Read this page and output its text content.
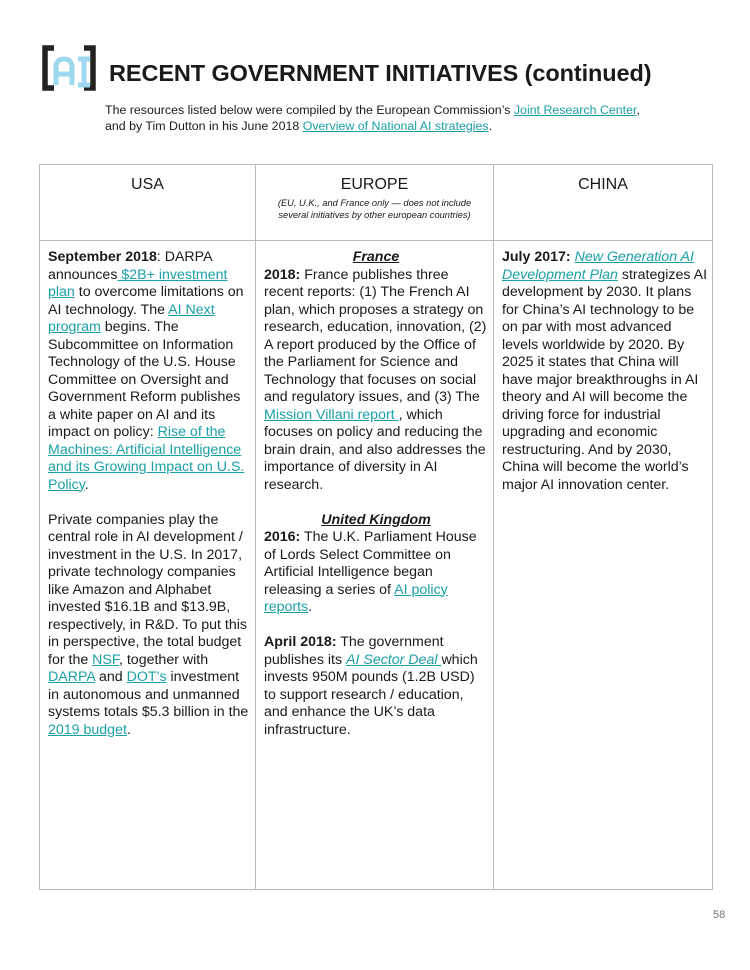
RECENT GOVERNMENT INITIATIVES (continued)

The resources listed below were compiled by the European Commission’s Joint Research Center,
and by Tim Dutton in his June 2018 Overview of National AI strategies.

USA	EUROPE
(EU, U.K., and France only — does not include
several initiatives by other european countries)
CHINA

September 2018: DARPA announces $2B+ investment plan to overcome limitations on AI technology. The AI Next program begins. The Subcommittee on Information Technology of the U.S. House Committee on Oversight and Government Reform publishes a white paper on AI and its impact on policy: Rise of the Machines: Artificial Intelligence and its Growing Impact on U.S. Policy.

Private companies play the central role in AI development / investment in the U.S. In 2017, private technology companies like Amazon and Alphabet invested $16.1B and $13.9B, respectively, in R&D. To put this in perspective, the total budget for the NSF, together with DARPA and DOT’s investment in autonomous and unmanned systems totals $5.3 billion in the 2019 budget.

France

2018: France publishes three recent reports: (1) The French AI plan, which proposes a strategy on research, education, innovation, (2) A report produced by the Office of the Parliament for Science and Technology that focuses on social and regulatory issues, and (3) The Mission Villani report , which focuses on policy and reducing the brain drain, and also addresses the importance of diversity in AI research.

United Kingdom

2016: The U.K. Parliament House of Lords Select Committee on Artificial Intelligence began releasing a series of AI policy reports.

April 2018: The government publishes its AI Sector Deal which invests 950M pounds (1.2B USD) to support research / education, and enhance the UK’s data infrastructure.

July 2017: New Generation AI Development Plan strategizes AI development by 2030. It plans for China’s AI technology to be on par with most advanced levels worldwide by 2020. By 2025 it states that China will have major breakthroughs in AI theory and AI will become the driving force for industrial upgrading and economic restructuring. And by 2030, China will become the world’s major AI innovation center.

58
